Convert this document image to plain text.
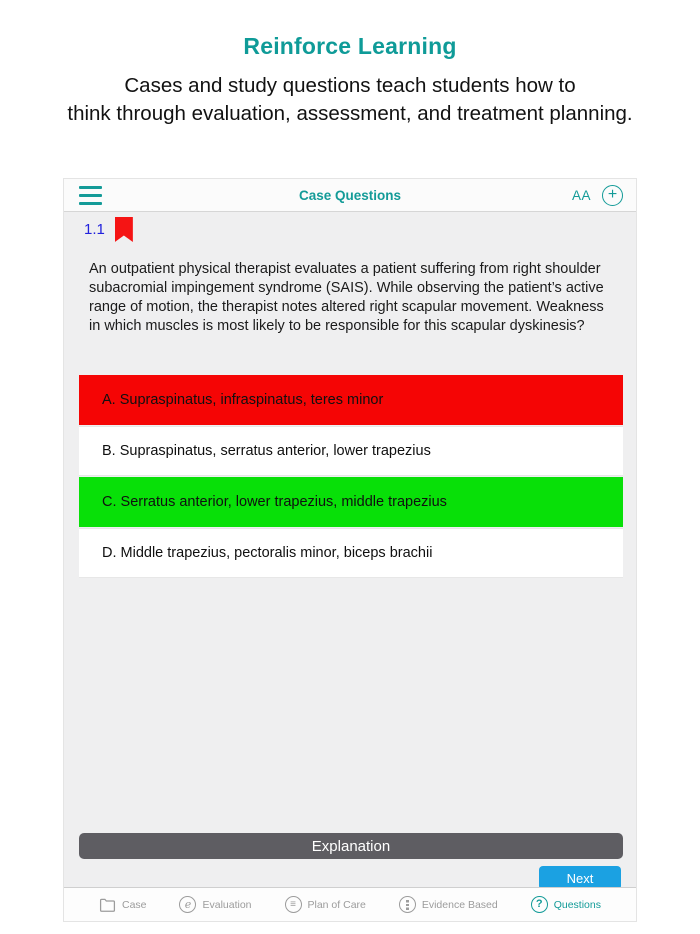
Reinforce Learning
Cases and study questions teach students how to
think through evaluation, assessment, and treatment planning.
Case Questions	AA	+
1.1
An outpatient physical therapist evaluates a patient suffering from right shoulder subacromial impingement syndrome (SAIS). While observing the patient’s active range of motion, the therapist notes altered right scapular movement. Weakness in which muscles is most likely to be responsible for this scapular dyskinesis?
A. Supraspinatus, infraspinatus, teres minor
B. Supraspinatus, serratus anterior, lower trapezius
C. Serratus anterior, lower trapezius, middle trapezius
D. Middle trapezius, pectoralis minor, biceps brachii
Explanation
Next
Case	e Evaluation	≡ Plan of Care	Evidence Based	? Questions
